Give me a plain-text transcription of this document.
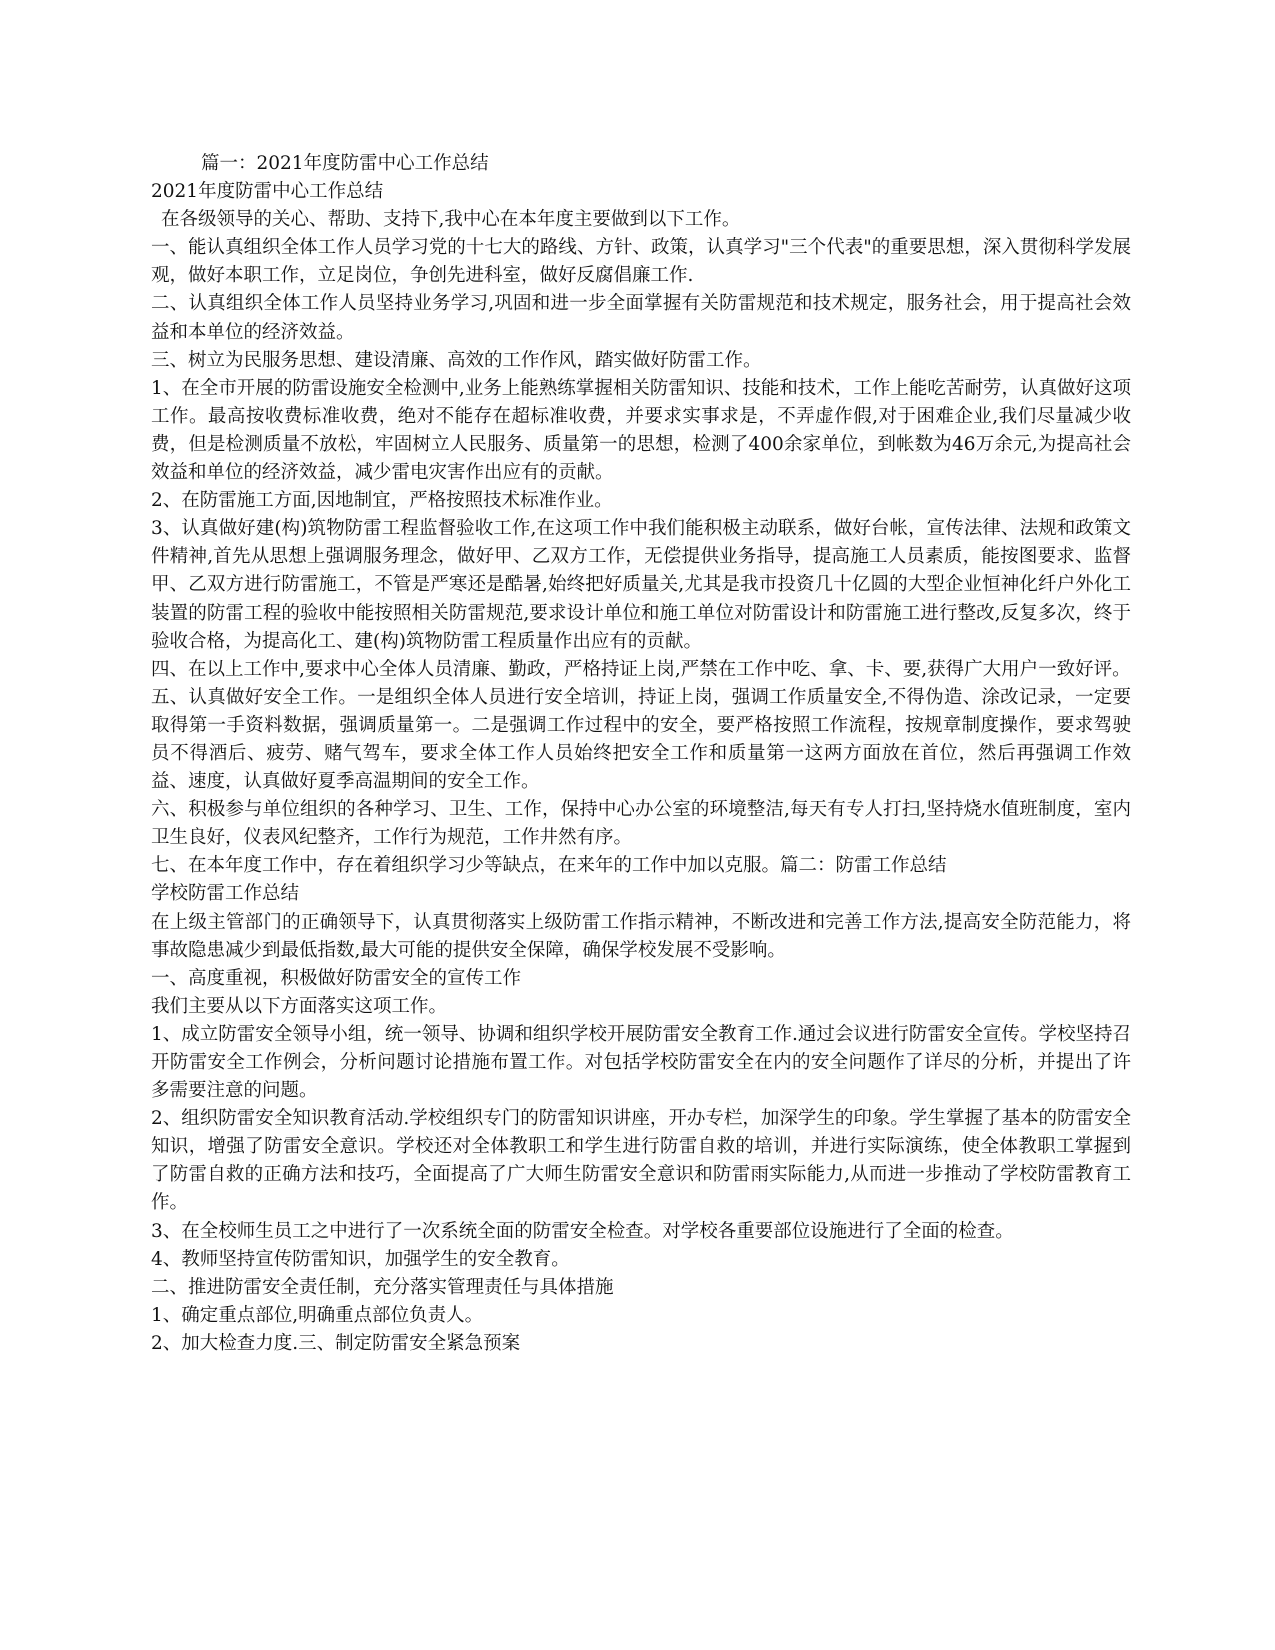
篇一：2021年度防雷中心工作总结

2021年度防雷中心工作总结

在各级领导的关心、帮助、支持下,我中心在本年度主要做到以下工作。

一、能认真组织全体工作人员学习党的十七大的路线、方针、政策，认真学习"三个代表"的重要思想，深入贯彻科学发展观，做好本职工作，立足岗位，争创先进科室，做好反腐倡廉工作.

二、认真组织全体工作人员坚持业务学习,巩固和进一步全面掌握有关防雷规范和技术规定，服务社会，用于提高社会效益和本单位的经济效益。

三、树立为民服务思想、建设清廉、高效的工作作风，踏实做好防雷工作。

1、在全市开展的防雷设施安全检测中,业务上能熟练掌握相关防雷知识、技能和技术，工作上能吃苦耐劳，认真做好这项工作。最高按收费标准收费，绝对不能存在超标准收费，并要求实事求是，不弄虚作假,对于困难企业,我们尽量减少收费，但是检测质量不放松，牢固树立人民服务、质量第一的思想，检测了400余家单位，到帐数为46万余元,为提高社会效益和单位的经济效益，减少雷电灾害作出应有的贡献。

2、在防雷施工方面,因地制宜，严格按照技术标准作业。

3、认真做好建(构)筑物防雷工程监督验收工作,在这项工作中我们能积极主动联系，做好台帐，宣传法律、法规和政策文件精神,首先从思想上强调服务理念，做好甲、乙双方工作，无偿提供业务指导，提高施工人员素质，能按图要求、监督甲、乙双方进行防雷施工，不管是严寒还是酷暑,始终把好质量关,尤其是我市投资几十亿圆的大型企业恒神化纤户外化工装置的防雷工程的验收中能按照相关防雷规范,要求设计单位和施工单位对防雷设计和防雷施工进行整改,反复多次，终于验收合格，为提高化工、建(构)筑物防雷工程质量作出应有的贡献。

四、在以上工作中,要求中心全体人员清廉、勤政，严格持证上岗,严禁在工作中吃、拿、卡、要,获得广大用户一致好评。

五、认真做好安全工作。一是组织全体人员进行安全培训，持证上岗，强调工作质量安全,不得伪造、涂改记录，一定要取得第一手资料数据，强调质量第一。二是强调工作过程中的安全，要严格按照工作流程，按规章制度操作，要求驾驶员不得酒后、疲劳、赌气驾车，要求全体工作人员始终把安全工作和质量第一这两方面放在首位，然后再强调工作效益、速度，认真做好夏季高温期间的安全工作。

六、积极参与单位组织的各种学习、卫生、工作，保持中心办公室的环境整洁,每天有专人打扫,坚持烧水值班制度，室内卫生良好，仪表风纪整齐，工作行为规范，工作井然有序。

七、在本年度工作中，存在着组织学习少等缺点，在来年的工作中加以克服。篇二：防雷工作总结

学校防雷工作总结

在上级主管部门的正确领导下，认真贯彻落实上级防雷工作指示精神，不断改进和完善工作方法,提高安全防范能力，将事故隐患减少到最低指数,最大可能的提供安全保障，确保学校发展不受影响。

一、高度重视，积极做好防雷安全的宣传工作

我们主要从以下方面落实这项工作。

1、成立防雷安全领导小组，统一领导、协调和组织学校开展防雷安全教育工作.通过会议进行防雷安全宣传。学校坚持召开防雷安全工作例会，分析问题讨论措施布置工作。对包括学校防雷安全在内的安全问题作了详尽的分析，并提出了许多需要注意的问题。

2、组织防雷安全知识教育活动.学校组织专门的防雷知识讲座，开办专栏，加深学生的印象。学生掌握了基本的防雷安全知识，增强了防雷安全意识。学校还对全体教职工和学生进行防雷自救的培训，并进行实际演练，使全体教职工掌握到了防雷自救的正确方法和技巧，全面提高了广大师生防雷安全意识和防雷雨实际能力,从而进一步推动了学校防雷教育工作。

3、在全校师生员工之中进行了一次系统全面的防雷安全检查。对学校各重要部位设施进行了全面的检查。

4、教师坚持宣传防雷知识，加强学生的安全教育。

二、推进防雷安全责任制，充分落实管理责任与具体措施

1、确定重点部位,明确重点部位负责人。

2、加大检查力度.三、制定防雷安全紧急预案
